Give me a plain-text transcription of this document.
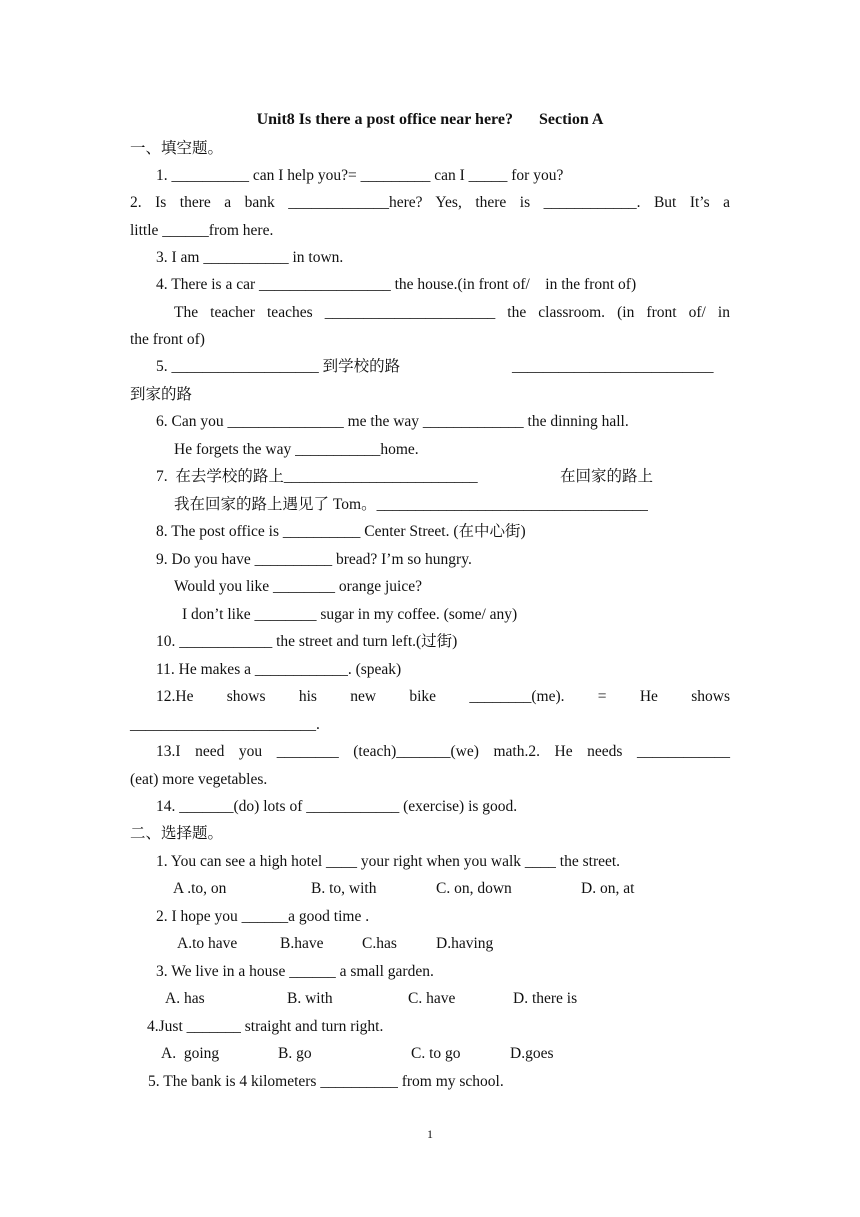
Unit8 Is there a post office near here? Section A
一、填空题。
1. __________ can I help you?= _________ can I _____ for you?
2. Is there a bank _____________here? Yes, there is ____________. But It’s a
little ______from here.
3. I am ___________ in town.
4. There is a car _________________ the house.(in front of/    in the front of)
The teacher teaches ______________________ the classroom. (in front of/ in
the front of)
5. ___________________ 到学校的路	__________________________
到家的路
6. Can you _______________ me the way _____________ the dinning hall.
He forgets the way ___________home.
7.  在去学校的路上_________________________	在回家的路上
我在回家的路上遇见了 Tom。___________________________________
8. The post office is __________ Center Street. (在中心街)
9. Do you have __________ bread? I’m so hungry.
Would you like ________ orange juice?
I don’t like ________ sugar in my coffee. (some/ any)
10. ____________ the street and turn left.(过街)
11. He makes a ____________. (speak)
12.He shows his new bike ________(me). = He shows
________________________.
13.I need you ________ (teach)_______(we) math.2. He needs ____________
(eat) more vegetables.
14. _______(do) lots of ____________ (exercise) is good.
二、选择题。
1. You can see a high hotel ____ your right when you walk ____ the street.
A .to, on	B. to, with	C. on, down	D. on, at
2. I hope you ______a good time .
A.to have	B.have C.has	D.having
3. We live in a house ______ a small garden.
A. has	B. with	C. have	D. there is
4.Just _______ straight and turn right.
A.  going	B. go	C. to go	D.goes
5. The bank is 4 kilometers __________ from my school.
1
